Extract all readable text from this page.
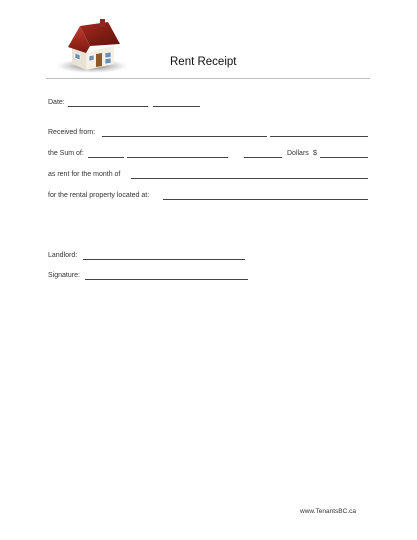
Rent Receipt
Date:
Received from:
the Sum of:	Dollars $
as rent for the month of
for the rental property located at:
Landlord:
Signature:
www.TenantsBC.ca
